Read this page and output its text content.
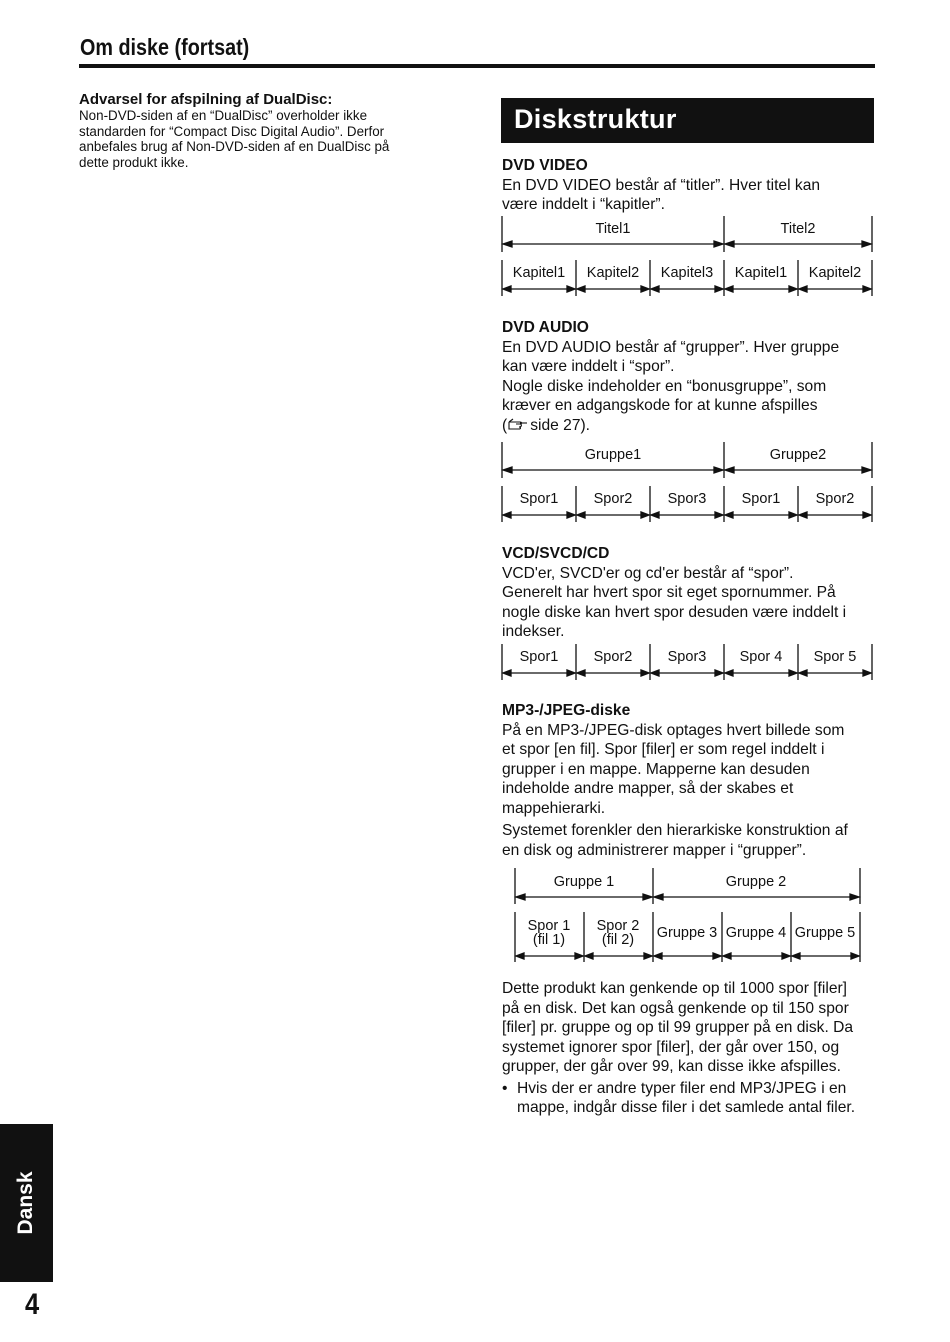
Om diske (fortsat)
Advarsel for afspilning af DualDisc:
Non-DVD-siden af en “DualDisc” overholder ikke
standarden for “Compact Disc Digital Audio”. Derfor
anbefales brug af Non-DVD-siden af en DualDisc på
dette produkt ikke.
Diskstruktur
DVD VIDEO

En DVD VIDEO består af “titler”. Hver titel kan

være inddelt i “kapitler”.

Titel1	Titel2
Kapitel1 Kapitel2 Kapitel3 Kapitel1 Kapitel2
DVD AUDIO

En DVD AUDIO består af “grupper”. Hver gruppe

kan være inddelt i “spor”.

Nogle diske indeholder en “bonusgruppe”, som

kræver en adgangskode for at kunne afspilles

( side 27).

Gruppe1	Gruppe2
Spor1 Spor2 Spor3 Spor1 Spor2
VCD/SVCD/CD

VCD'er, SVCD'er og cd'er består af “spor”.

Generelt har hvert spor sit eget spornummer. På

nogle diske kan hvert spor desuden være inddelt i

indekser.

Spor1 Spor2 Spor3 Spor 4 Spor 5
MP3-/JPEG-diske

På en MP3-/JPEG-disk optages hvert billede som

et spor [en fil]. Spor [filer] er som regel inddelt i

grupper i en mappe. Mapperne kan desuden

indeholde andre mapper, så der skabes et

mappehierarki.

Systemet forenkler den hierarkiske konstruktion af

en disk og administrerer mapper i “grupper”.

Gruppe 1	Gruppe 2
Spor 1
(fil 1)
Spor 2
(fil 2) Gruppe 3 Gruppe 4 Gruppe 5

Dette produkt kan genkende op til 1000 spor [filer]

på en disk. Det kan også genkende op til 150 spor

[filer] pr. gruppe og op til 99 grupper på en disk. Da

systemet ignorer spor [filer], der går over 150, og

grupper, der går over 99, kan disse ikke afspilles.

• Hvis der er andre typer filer end MP3/JPEG i en

mappe, indgår disse filer i det samlede antal filer.

Dansk
4
